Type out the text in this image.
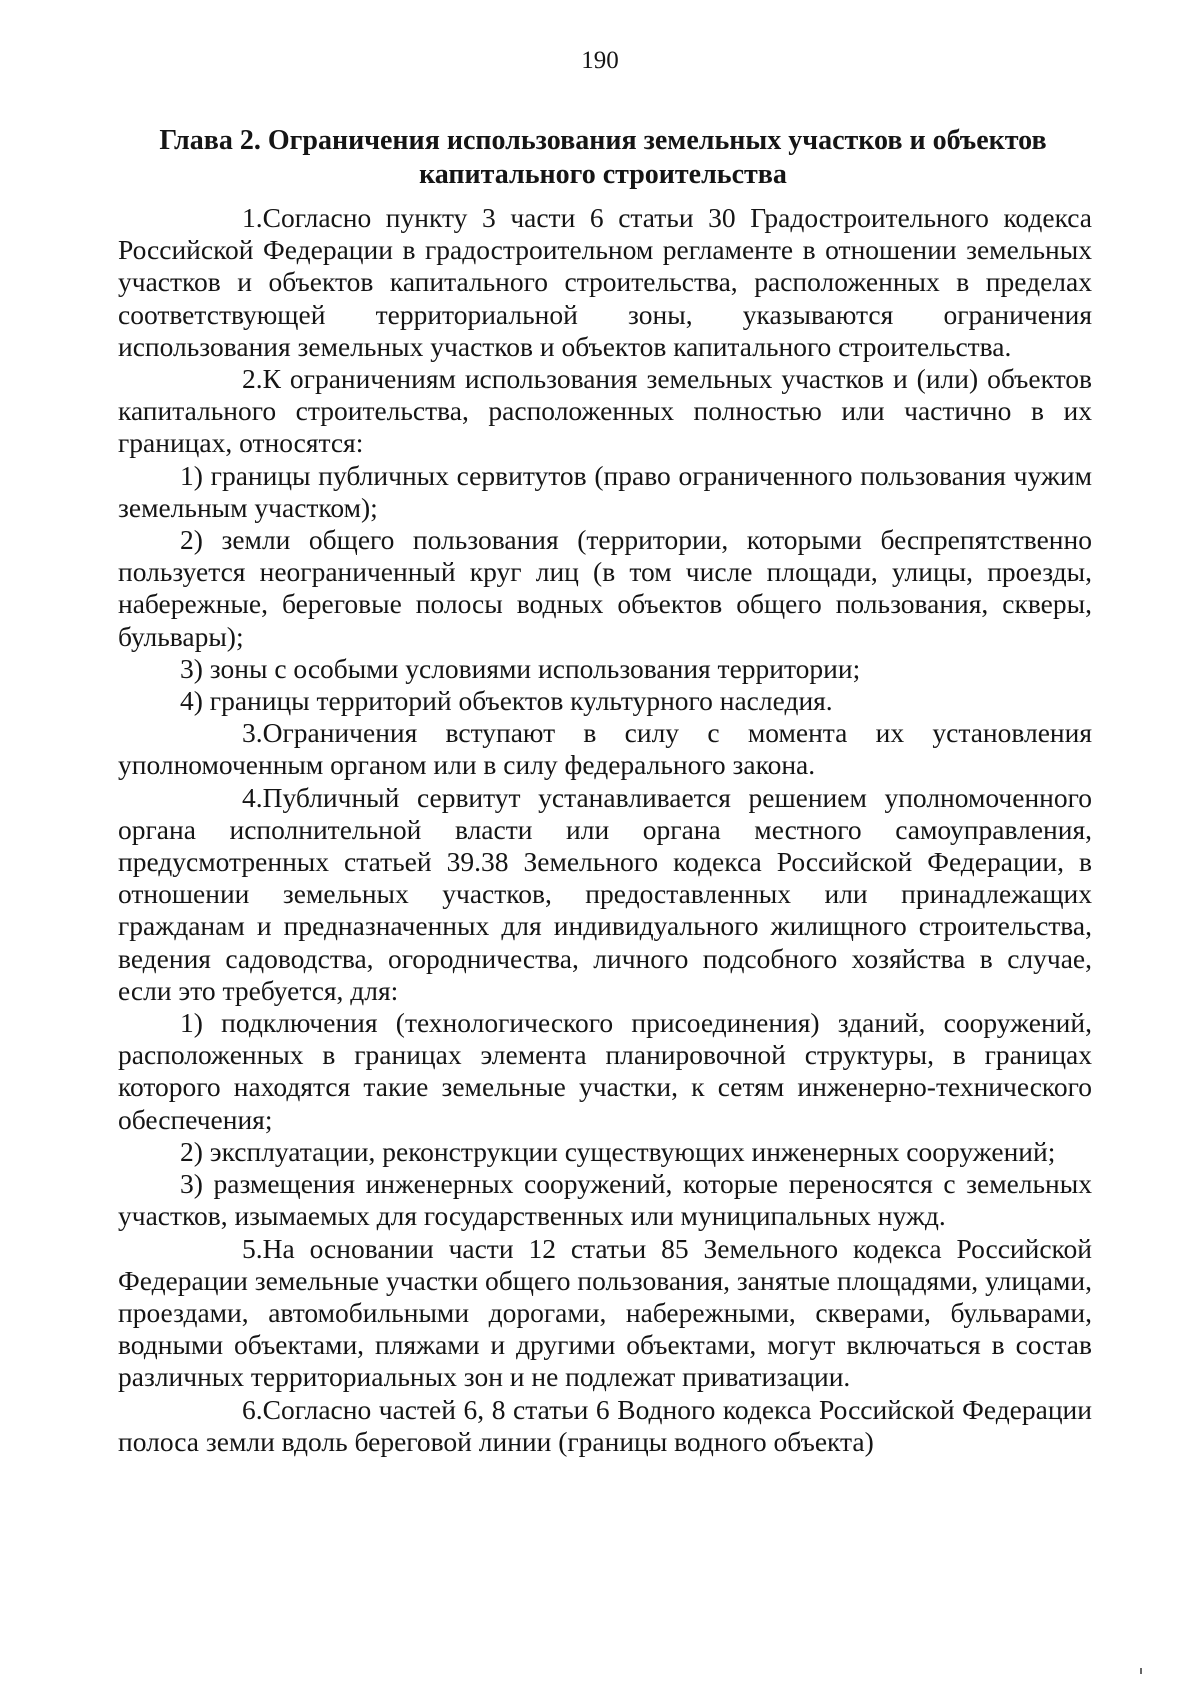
190
Глава 2. Ограничения использования земельных участков и объектов
капитального строительства

1.Согласно пункту 3 части 6 статьи 30 Градостроительного кодекса Российской Федерации в градостроительном регламенте в отношении земельных участков и объектов капитального строительства, расположенных в пределах соответствующей территориальной зоны, указываются ограничения использования земельных участков и объектов капитального строительства.

2.К ограничениям использования земельных участков и (или) объектов капитального строительства, расположенных полностью или частично в их границах, относятся:

1) границы публичных сервитутов (право ограниченного пользования чужим земельным участком);

2) земли общего пользования (территории, которыми беспрепятственно пользуется неограниченный круг лиц (в том числе площади, улицы, проезды, набережные, береговые полосы водных объектов общего пользования, скверы, бульвары);

3) зоны с особыми условиями использования территории;

4) границы территорий объектов культурного наследия.

3.Ограничения вступают в силу с момента их установления уполномоченным органом или в силу федерального закона.

4.Публичный сервитут устанавливается решением уполномоченного органа исполнительной власти или органа местного самоуправления, предусмотренных статьей 39.38 Земельного кодекса Российской Федерации, в отношении земельных участков, предоставленных или принадлежащих гражданам и предназначенных для индивидуального жилищного строительства, ведения садоводства, огородничества, личного подсобного хозяйства в случае, если это требуется, для:

1) подключения (технологического присоединения) зданий, сооружений, расположенных в границах элемента планировочной структуры, в границах которого находятся такие земельные участки, к сетям инженерно-технического обеспечения;

2) эксплуатации, реконструкции существующих инженерных сооружений;

3) размещения инженерных сооружений, которые переносятся с земельных участков, изымаемых для государственных или муниципальных нужд.

5.На основании части 12 статьи 85 Земельного кодекса Российской Федерации земельные участки общего пользования, занятые площадями, улицами, проездами, автомобильными дорогами, набережными, скверами, бульварами, водными объектами, пляжами и другими объектами, могут включаться в состав различных территориальных зон и не подлежат приватизации.

6.Согласно частей 6, 8 статьи 6 Водного кодекса Российской Федерации полоса земли вдоль береговой линии (границы водного объекта)
